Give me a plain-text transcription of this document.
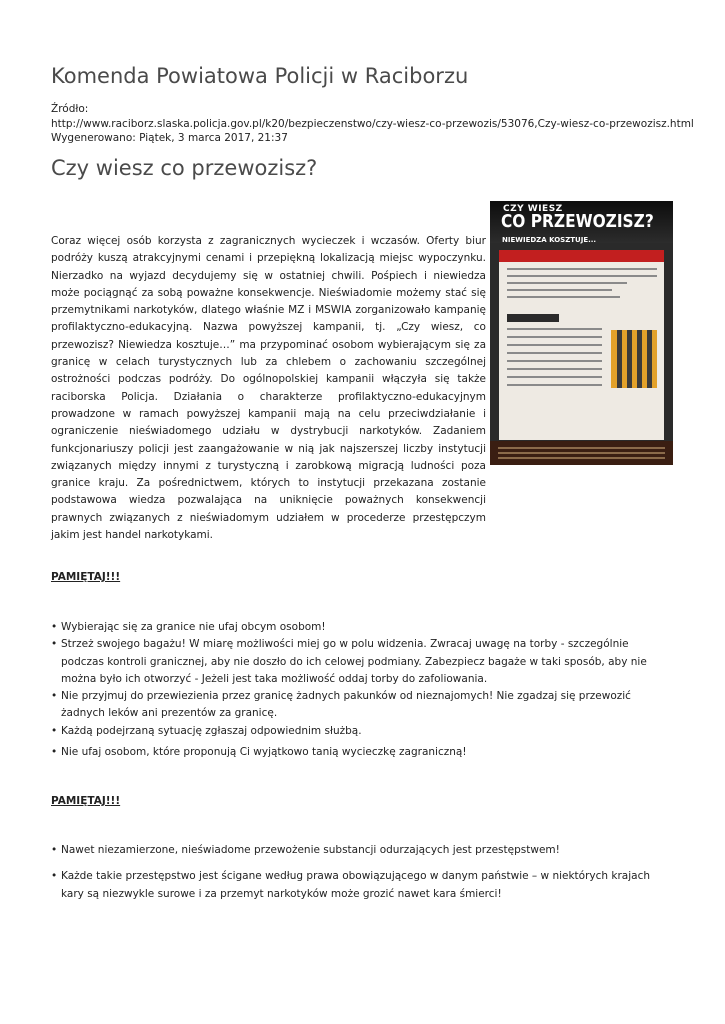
Komenda Powiatowa Policji w Raciborzu
Źródło:
http://www.raciborz.slaska.policja.gov.pl/k20/bezpieczenstwo/czy-wiesz-co-przewozis/53076,Czy-wiesz-co-przewozisz.html
Wygenerowano: Piątek, 3 marca 2017, 21:37
Czy wiesz co przewozisz?

Coraz więcej osób korzysta z zagranicznych wycieczek i wczasów. Oferty biur podróży kuszą atrakcyjnymi cenami i przepiękną lokalizacją miejsc wypoczynku. Nierzadko na wyjazd decydujemy się w ostatniej chwili. Pośpiech i niewiedza może pociągnąć za sobą poważne konsekwencje. Nieświadomie możemy stać się przemytnikami narkotyków, dlatego właśnie MZ i MSWIA zorganizowało kampanię profilaktyczno-edukacyjną. Nazwa powyższej kampanii, tj. „Czy wiesz, co przewozisz? Niewiedza kosztuje…” ma przypominać osobom wybierającym się za granicę w celach turystycznych lub za chlebem o zachowaniu szczególnej ostrożności podczas podróży. Do ogólnopolskiej kampanii włączyła się także raciborska Policja. Działania o charakterze profilaktyczno-edukacyjnym prowadzone w ramach powyższej kampanii mają na celu przeciwdziałanie i ograniczenie nieświadomego udziału w dystrybucji narkotyków. Zadaniem funkcjonariuszy policji jest zaangażowanie w nią jak najszerszej liczby instytucji związanych między innymi z turystyczną i zarobkową migracją ludności poza granice kraju. Za pośrednictwem, których to instytucji przekazana zostanie podstawowa wiedza pozwalająca na uniknięcie poważnych konsekwencji prawnych związanych z nieświadomym udziałem w procederze przestępczym jakim jest handel narkotykami.

CZY WIESZ
CO PRZEWOZISZ?
NIEWIEDZA KOSZTUJE...
PAMIĘTAJ!!!
• Wybierając się za granice nie ufaj obcym osobom!
• Strzeż swojego bagażu! W miarę możliwości miej go w polu widzenia. Zwracaj uwagę na torby - szczególnie podczas kontroli granicznej, aby nie doszło do ich celowej podmiany. Zabezpiecz bagaże w taki sposób, aby nie można było ich otworzyć - Jeżeli jest taka możliwość oddaj torby do zafoliowania.
• Nie przyjmuj do przewiezienia przez granicę żadnych pakunków od nieznajomych! Nie zgadzaj się przewozić żadnych leków ani prezentów za granicę.
• Każdą podejrzaną sytuację zgłaszaj odpowiednim służbą.
• Nie ufaj osobom, które proponują Ci wyjątkowo tanią wycieczkę zagraniczną!
PAMIĘTAJ!!!
• Nawet niezamierzone, nieświadome przewożenie substancji odurzających jest przestępstwem!
• Każde takie przestępstwo jest ścigane według prawa obowiązującego w danym państwie – w niektórych krajach kary są niezwykle surowe i za przemyt narkotyków może grozić nawet kara śmierci!
